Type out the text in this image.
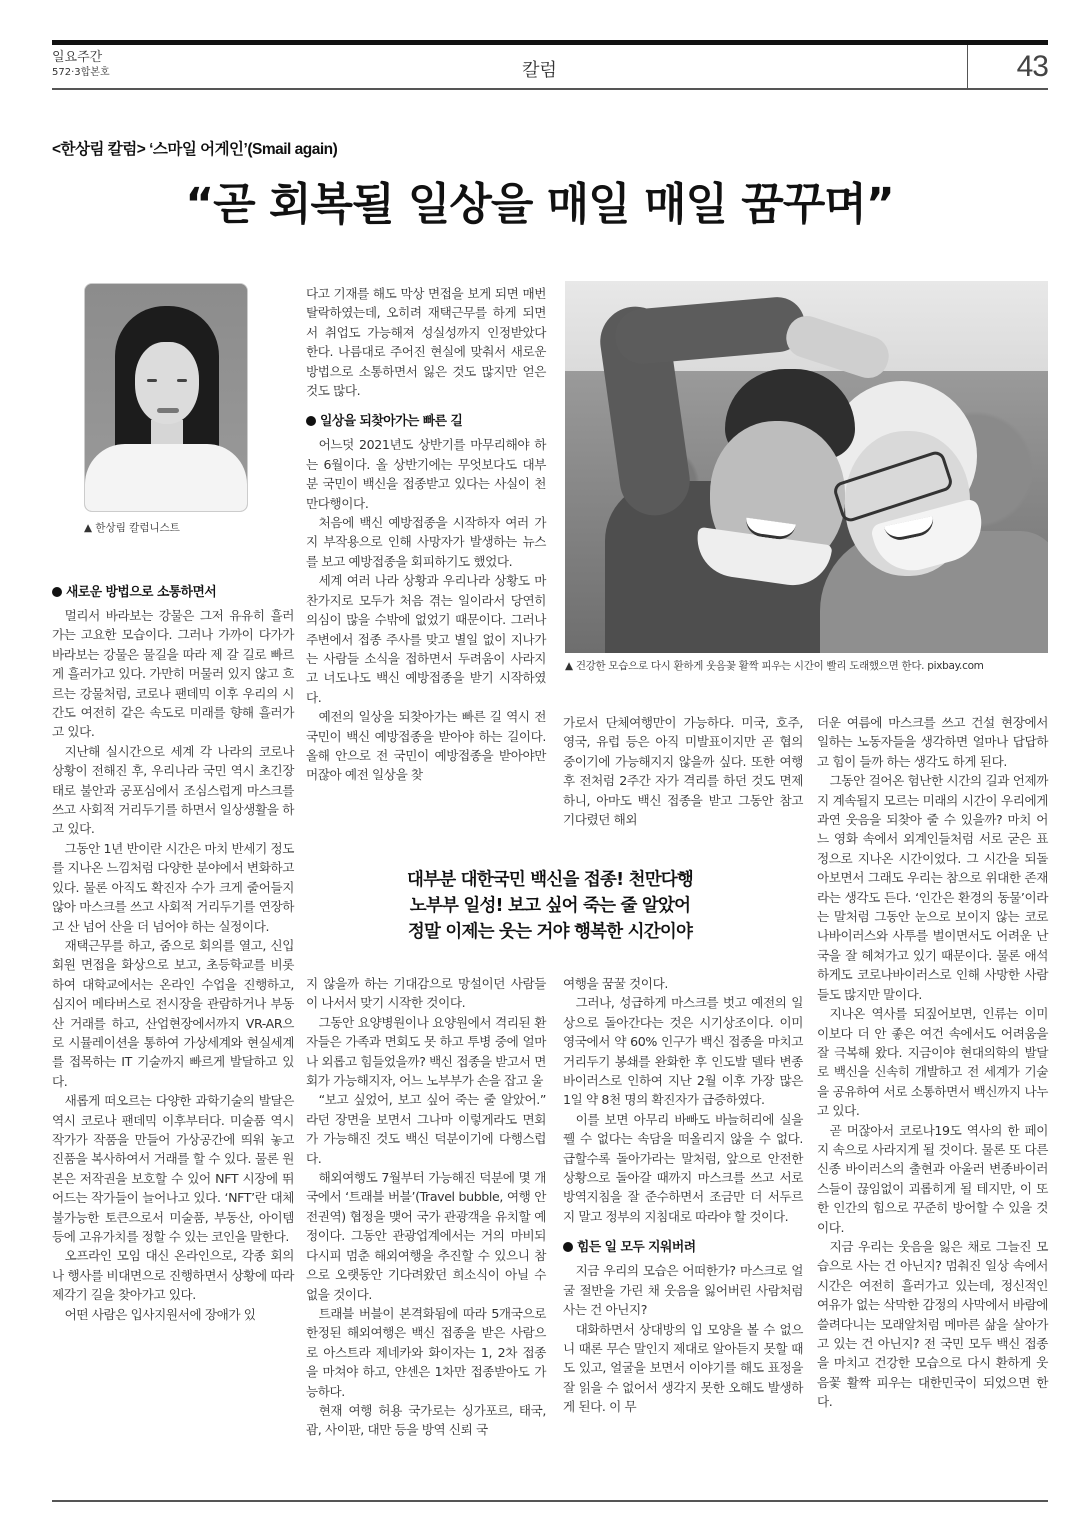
일요주간
572·3합본호	칼럼	43
<한상림 칼럼> ‘스마일 어게인’(Smail again)
“곧 회복될 일상을 매일 매일 꿈꾸며”
▲ 한상림 칼럼니스트
새로운 방법으로 소통하면서

멀리서 바라보는 강물은 그저 유유히 흘러가는 고요한 모습이다. 그러나 가까이 다가가 바라보는 강물은 물길을 따라 제 갈 길로 빠르게 흘러가고 있다. 가만히 머물러 있지 않고 흐르는 강물처럼, 코로나 팬데믹 이후 우리의 시간도 여전히 같은 속도로 미래를 향해 흘러가고 있다.

지난해 실시간으로 세계 각 나라의 코로나 상황이 전해진 후, 우리나라 국민 역시 초긴장 태로 불안과 공포심에서 조심스럽게 마스크를 쓰고 사회적 거리두기를 하면서 일상생활을 하고 있다.

그동안 1년 반이란 시간은 마치 반세기 정도를 지나온 느낌처럼 다양한 분야에서 변화하고 있다. 물론 아직도 확진자 수가 크게 줄어들지 않아 마스크를 쓰고 사회적 거리두기를 연장하고 산 넘어 산을 더 넘어야 하는 실정이다.

재택근무를 하고, 줌으로 회의를 열고, 신입회원 면접을 화상으로 보고, 초등학교를 비롯하여 대학교에서는 온라인 수업을 진행하고, 심지어 메타버스로 전시장을 관람하거나 부동산 거래를 하고, 산업현장에서까지 VR-AR으로 시뮬레이션을 통하여 가상세계와 현실세계를 접목하는 IT 기술까지 빠르게 발달하고 있다.

새롭게 떠오르는 다양한 과학기술의 발달은 역시 코로나 팬데믹 이후부터다. 미술품 역시 작가가 작품을 만들어 가상공간에 띄워 놓고 진품을 복사하여서 거래를 할 수 있다. 물론 원본은 저작권을 보호할 수 있어 NFT 시장에 뛰어드는 작가들이 늘어나고 있다. ‘NFT’란 대체 불가능한 토큰으로서 미술품, 부동산, 아이템 등에 고유가치를 정할 수 있는 코인을 말한다.

오프라인 모임 대신 온라인으로, 각종 회의나 행사를 비대면으로 진행하면서 상황에 따라 제각기 길을 찾아가고 있다.

어떤 사람은 입사지원서에 장애가 있

다고 기재를 해도 막상 면접을 보게 되면 매번 탈락하였는데, 오히려 재택근무를 하게 되면서 취업도 가능해져 성실성까지 인정받았다 한다. 나름대로 주어진 현실에 맞춰서 새로운 방법으로 소통하면서 잃은 것도 많지만 얻은 것도 많다.

일상을 되찾아가는 빠른 길

어느덧 2021년도 상반기를 마무리해야 하는 6월이다. 올 상반기에는 무엇보다도 대부분 국민이 백신을 접종받고 있다는 사실이 천만다행이다.

처음에 백신 예방접종을 시작하자 여러 가지 부작용으로 인해 사망자가 발생하는 뉴스를 보고 예방접종을 회피하기도 했었다.

세계 여러 나라 상황과 우리나라 상황도 마찬가지로 모두가 처음 겪는 일이라서 당연히 의심이 많을 수밖에 없었기 때문이다. 그러나 주변에서 접종 주사를 맞고 별일 없이 지나가는 사람들 소식을 접하면서 두려움이 사라지고 너도나도 백신 예방접종을 받기 시작하였다.

예전의 일상을 되찾아가는 빠른 길 역시 전 국민이 백신 예방접종을 받아야 하는 길이다. 올해 안으로 전 국민이 예방접종을 받아야만 머잖아 예전 일상을 찾

▲ 건강한 모습으로 다시 환하게 웃음꽃 활짝 피우는 시간이 빨리 도래했으면 한다. pixbay.com

가로서 단체여행만이 가능하다. 미국, 호주, 영국, 유럽 등은 아직 미발표이지만 곧 협의 중이기에 가능해지지 않을까 싶다. 또한 여행 후 전처럼 2주간 자가 격리를 하던 것도 면제하니, 아마도 백신 접종을 받고 그동안 참고 기다렸던 해외

더운 여름에 마스크를 쓰고 건설 현장에서 일하는 노동자들을 생각하면 얼마나 답답하고 힘이 들까 하는 생각도 하게 된다.

그동안 걸어온 험난한 시간의 길과 언제까지 계속될지 모르는 미래의 시간이 우리에게 과연 웃음을 되찾아 줄 수 있을까? 마치 어느 영화 속에서 외계인들처럼 서로 굳은 표정으로 지나온 시간이었다. 그 시간을 되돌아보면서 그래도 우리는 참으로 위대한 존재라는 생각도 든다. ‘인간은 환경의 동물’이라는 말처럼 그동안 눈으로 보이지 않는 코로나바이러스와 사투를 벌이면서도 어려운 난국을 잘 헤쳐가고 있기 때문이다. 물론 애석하게도 코로나바이러스로 인해 사망한 사람들도 많지만 말이다.

지나온 역사를 되짚어보면, 인류는 이미 이보다 더 안 좋은 여건 속에서도 어려움을 잘 극복해 왔다. 지금이야 현대의학의 발달로 백신을 신속히 개발하고 전 세계가 기술을 공유하여 서로 소통하면서 백신까지 나누고 있다.

곧 머잖아서 코로나19도 역사의 한 페이지 속으로 사라지게 될 것이다. 물론 또 다른 신종 바이러스의 출현과 아울러 변종바이러스들이 끊임없이 괴롭히게 될 테지만, 이 또한 인간의 힘으로 꾸준히 방어할 수 있을 것이다.

지금 우리는 웃음을 잃은 채로 그늘진 모습으로 사는 건 아닌지? 멈춰진 일상 속에서 시간은 여전히 흘러가고 있는데, 정신적인 여유가 없는 삭막한 감정의 사막에서 바람에 쓸려다니는 모래알처럼 메마른 삶을 살아가고 있는 건 아닌지? 전 국민 모두 백신 접종을 마치고 건강한 모습으로 다시 환하게 웃음꽃 활짝 피우는 대한민국이 되었으면 한다.

대부분 대한국민 백신을 접종! 천만다행
노부부 일성! 보고 싶어 죽는 줄 알았어
정말 이제는 웃는 거야 행복한 시간이야

지 않을까 하는 기대감으로 망설이던 사람들이 나서서 맞기 시작한 것이다.

그동안 요양병원이나 요양원에서 격리된 환자들은 가족과 면회도 못 하고 투병 중에 얼마나 외롭고 힘들었을까? 백신 접종을 받고서 면회가 가능해지자, 어느 노부부가 손을 잡고 울

“보고 싶었어, 보고 싶어 죽는 줄 알았어.” 라던 장면을 보면서 그나마 이렇게라도 면회가 가능해진 것도 백신 덕분이기에 다행스럽다.

해외여행도 7월부터 가능해진 덕분에 몇 개국에서 ‘트래블 버블’(Travel bubble, 여행 안전권역) 협정을 맺어 국가 관광객을 유치할 예정이다. 그동안 관광업계에서는 거의 마비되다시피 멈춘 해외여행을 추진할 수 있으니 참으로 오랫동안 기다려왔던 희소식이 아닐 수 없을 것이다.

트래블 버블이 본격화됨에 따라 5개국으로 한정된 해외여행은 백신 접종을 받은 사람으로 아스트라 제네카와 화이자는 1, 2차 접종을 마쳐야 하고, 얀센은 1차만 접종받아도 가능하다.

현재 여행 허용 국가로는 싱가포르, 태국, 괌, 사이판, 대만 등을 방역 신뢰 국

여행을 꿈꿀 것이다.

그러나, 성급하게 마스크를 벗고 예전의 일상으로 돌아간다는 것은 시기상조이다. 이미 영국에서 약 60% 인구가 백신 접종을 마치고 거리두기 봉쇄를 완화한 후 인도발 델타 변종바이러스로 인하여 지난 2월 이후 가장 많은 1일 약 8천 명의 확진자가 급증하였다.

이를 보면 아무리 바빠도 바늘허리에 실을 꿸 수 없다는 속담을 떠올리지 않을 수 없다. 급할수록 돌아가라는 말처럼, 앞으로 안전한 상황으로 돌아갈 때까지 마스크를 쓰고 서로 방역지침을 잘 준수하면서 조금만 더 서두르지 말고 정부의 지침대로 따라야 할 것이다.

힘든 일 모두 지워버려

지금 우리의 모습은 어떠한가? 마스크로 얼굴 절반을 가린 채 웃음을 잃어버린 사람처럼 사는 건 아닌지?

대화하면서 상대방의 입 모양을 볼 수 없으니 때론 무슨 말인지 제대로 알아듣지 못할 때도 있고, 얼굴을 보면서 이야기를 해도 표정을 잘 읽을 수 없어서 생각지 못한 오해도 발생하게 된다. 이 무
